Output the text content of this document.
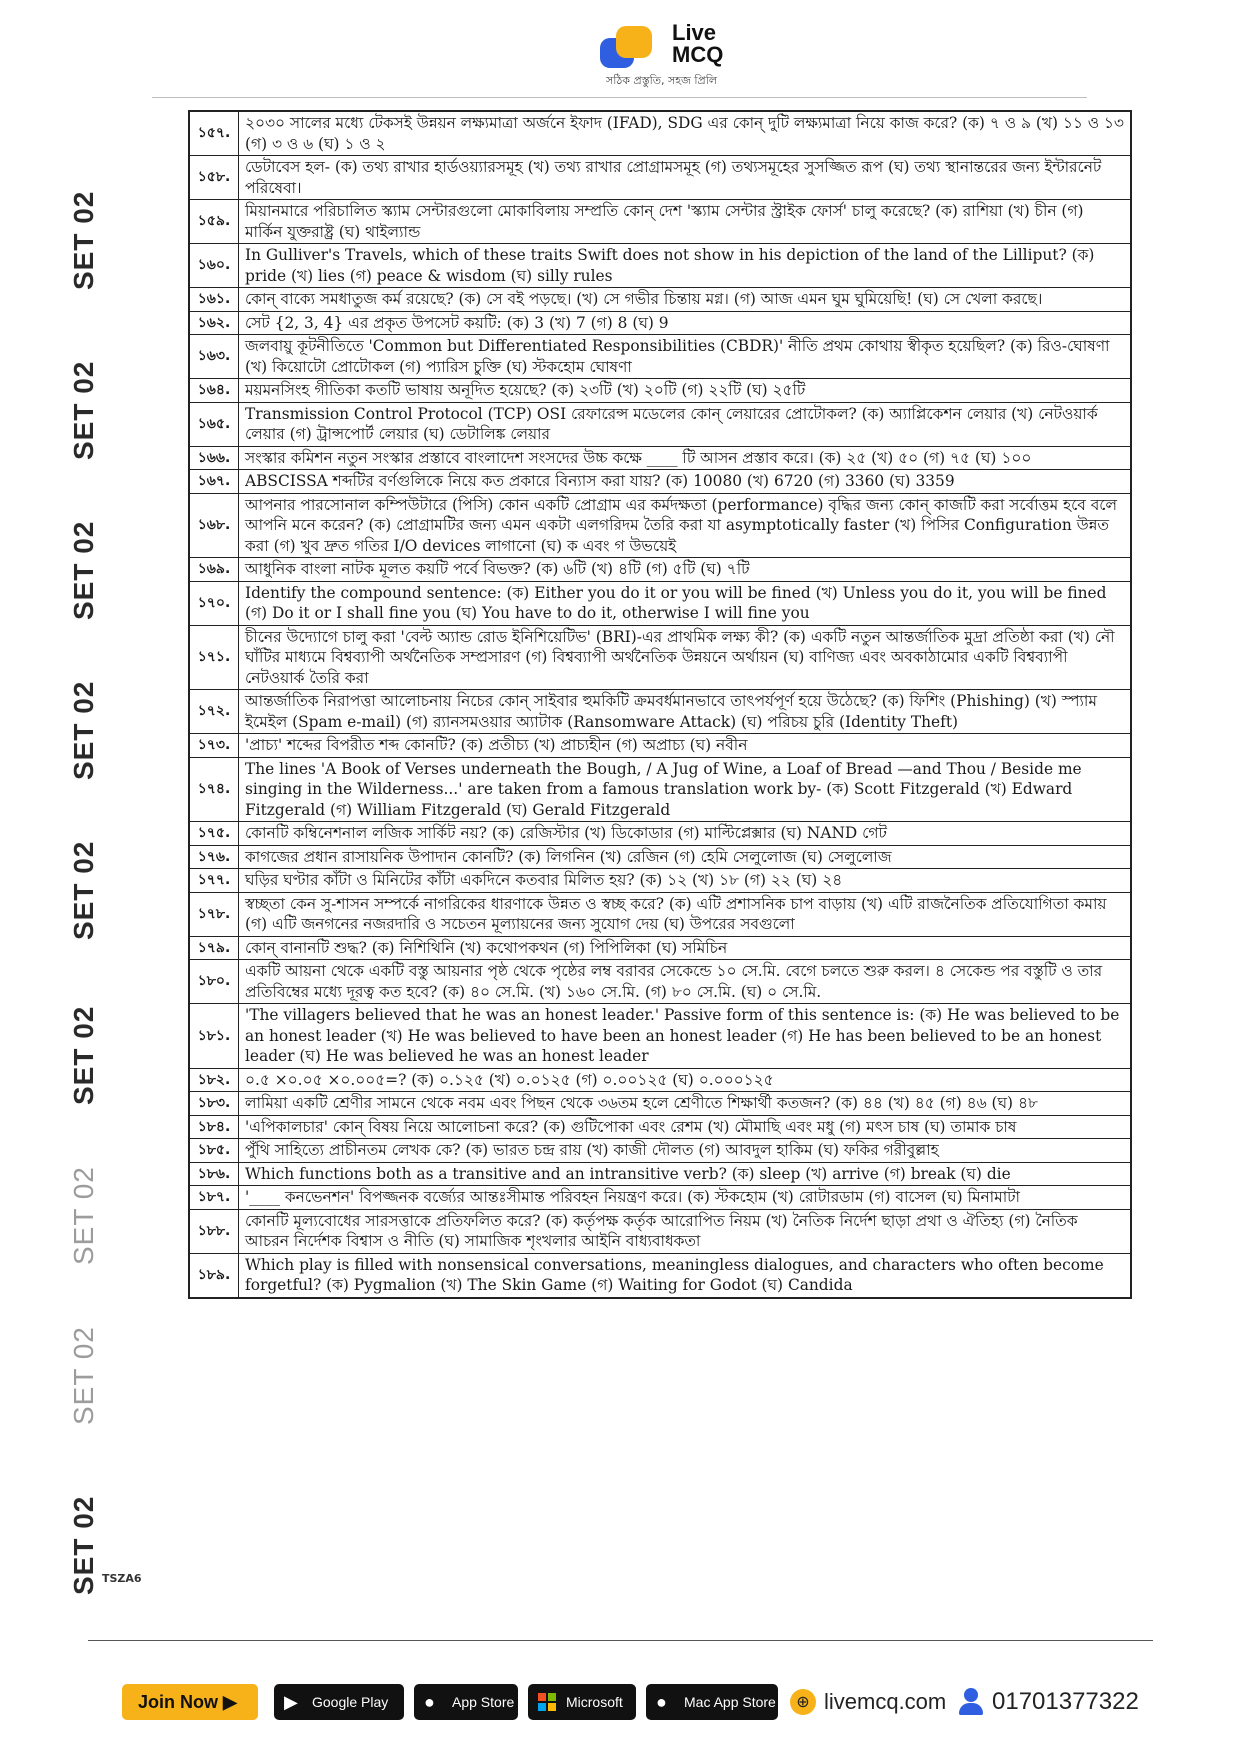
Live
MCQ
সঠিক প্রস্তুতি, সহজ প্রিলি
SET 02
SET 02
SET 02
SET 02
SET 02
SET 02
SET 02
SET 02
SET 02 TSZA6
১৫৭.	২০৩০ সালের মধ্যে টেকসই উন্নয়ন লক্ষ্যমাত্রা অর্জনে ইফাদ (IFAD), SDG এর কোন্ দুটি লক্ষ্যমাত্রা নিয়ে কাজ করে? (ক) ৭ ও ৯ (খ) ১১ ও ১৩ (গ) ৩ ও ৬ (ঘ) ১ ও ২
১৫৮.	ডেটাবেস হল- (ক) তথ্য রাখার হার্ডওয়্যারসমূহ (খ) তথ্য রাখার প্রোগ্রামসমূহ (গ) তথ্যসমূহের সুসজ্জিত রূপ (ঘ) তথ্য স্থানান্তরের জন্য ইন্টারনেট পরিষেবা।
১৫৯.	মিয়ানমারে পরিচালিত স্ক্যাম সেন্টারগুলো মোকাবিলায় সম্প্রতি কোন্ দেশ 'স্ক্যাম সেন্টার স্ট্রাইক ফোর্স' চালু করেছে? (ক) রাশিয়া (খ) চীন (গ) মার্কিন যুক্তরাষ্ট্র (ঘ) থাইল্যান্ড
১৬০.	In Gulliver's Travels, which of these traits Swift does not show in his depiction of the land of the Lilliput? (ক) pride (খ) lies (গ) peace & wisdom (ঘ) silly rules
১৬১.	কোন্ বাক্যে সমধাতুজ কর্ম রয়েছে? (ক) সে বই পড়ছে। (খ) সে গভীর চিন্তায় মগ্ন। (গ) আজ এমন ঘুম ঘুমিয়েছি! (ঘ) সে খেলা করছে।
১৬২.	সেট {2, 3, 4} এর প্রকৃত উপসেট কয়টি: (ক) 3 (খ) 7 (গ) 8 (ঘ) 9
১৬৩.	জলবায়ু কূটনীতিতে 'Common but Differentiated Responsibilities (CBDR)' নীতি প্রথম কোথায় স্বীকৃত হয়েছিল? (ক) রিও-ঘোষণা (খ) কিয়োটো প্রোটোকল (গ) প্যারিস চুক্তি (ঘ) স্টকহোম ঘোষণা
১৬৪.	ময়মনসিংহ গীতিকা কতটি ভাষায় অনূদিত হয়েছে? (ক) ২৩টি (খ) ২০টি (গ) ২২টি (ঘ) ২৫টি
১৬৫.	Transmission Control Protocol (TCP) OSI রেফারেন্স মডেলের কোন্ লেয়ারের প্রোটোকল? (ক) অ্যাপ্লিকেশন লেয়ার (খ) নেটওয়ার্ক লেয়ার (গ) ট্রান্সপোর্ট লেয়ার (ঘ) ডেটালিঙ্ক লেয়ার
১৬৬.	সংস্কার কমিশন নতুন সংস্কার প্রস্তাবে বাংলাদেশ সংসদের উচ্চ কক্ষে ____ টি আসন প্রস্তাব করে। (ক) ২৫ (খ) ৫০ (গ) ৭৫ (ঘ) ১০০
১৬৭.	ABSCISSA শব্দটির বর্ণগুলিকে নিয়ে কত প্রকারে বিন্যাস করা যায়? (ক) 10080 (খ) 6720 (গ) 3360 (ঘ) 3359
১৬৮.	আপনার পারসোনাল কম্পিউটারে (পিসি) কোন একটি প্রোগ্রাম এর কর্মদক্ষতা (performance) বৃদ্ধির জন্য কোন্ কাজটি করা সর্বোত্তম হবে বলে আপনি মনে করেন? (ক) প্রোগ্রামটির জন্য এমন একটা এলগরিদম তৈরি করা যা asymptotically faster (খ) পিসির Configuration উন্নত করা (গ) খুব দ্রুত গতির I/O devices লাগানো (ঘ) ক এবং গ উভয়েই
১৬৯.	আধুনিক বাংলা নাটক মূলত কয়টি পর্বে বিভক্ত? (ক) ৬টি (খ) ৪টি (গ) ৫টি (ঘ) ৭টি
১৭০.	Identify the compound sentence: (ক) Either you do it or you will be fined (খ) Unless you do it, you will be fined (গ) Do it or I shall fine you (ঘ) You have to do it, otherwise I will fine you
১৭১.	চীনের উদ্যোগে চালু করা 'বেল্ট অ্যান্ড রোড ইনিশিয়েটিভ' (BRI)-এর প্রাথমিক লক্ষ্য কী? (ক) একটি নতুন আন্তর্জাতিক মুদ্রা প্রতিষ্ঠা করা (খ) নৌ ঘাঁটির মাধ্যমে বিশ্বব্যাপী অর্থনৈতিক সম্প্রসারণ (গ) বিশ্বব্যাপী অর্থনৈতিক উন্নয়নে অর্থায়ন (ঘ) বাণিজ্য এবং অবকাঠামোর একটি বিশ্বব্যাপী নেটওয়ার্ক তৈরি করা
১৭২.	আন্তর্জাতিক নিরাপত্তা আলোচনায় নিচের কোন্ সাইবার হুমকিটি ক্রমবর্ধমানভাবে তাৎপর্যপূর্ণ হয়ে উঠেছে? (ক) ফিশিং (Phishing) (খ) স্প্যাম ইমেইল (Spam e-mail) (গ) র‍্যানসমওয়ার অ্যাটাক (Ransomware Attack) (ঘ) পরিচয় চুরি (Identity Theft)
১৭৩.	'প্রাচ্য' শব্দের বিপরীত শব্দ কোনটি? (ক) প্রতীচ্য (খ) প্রাচ্যহীন (গ) অপ্রাচ্য (ঘ) নবীন
১৭৪.	The lines 'A Book of Verses underneath the Bough, / A Jug of Wine, a Loaf of Bread —and Thou / Beside me singing in the Wilderness...' are taken from a famous translation work by- (ক) Scott Fitzgerald (খ) Edward Fitzgerald (গ) William Fitzgerald (ঘ) Gerald Fitzgerald
১৭৫.	কোনটি কম্বিনেশনাল লজিক সার্কিট নয়? (ক) রেজিস্টার (খ) ডিকোডার (গ) মাল্টিপ্লেক্সার (ঘ) NAND গেট
১৭৬.	কাগজের প্রধান রাসায়নিক উপাদান কোনটি? (ক) লিগনিন (খ) রেজিন (গ) হেমি সেলুলোজ (ঘ) সেলুলোজ
১৭৭.	ঘড়ির ঘণ্টার কাঁটা ও মিনিটের কাঁটা একদিনে কতবার মিলিত হয়? (ক) ১২ (খ) ১৮ (গ) ২২ (ঘ) ২৪
১৭৮.	স্বচ্ছতা কেন সু-শাসন সম্পর্কে নাগরিকের ধারণাকে উন্নত ও স্বচ্ছ করে? (ক) এটি প্রশাসনিক চাপ বাড়ায় (খ) এটি রাজনৈতিক প্রতিযোগিতা কমায় (গ) এটি জনগনের নজরদারি ও সচেতন মূল্যায়নের জন্য সুযোগ দেয় (ঘ) উপরের সবগুলো
১৭৯.	কোন্ বানানটি শুদ্ধ? (ক) নিশিথিনি (খ) কথোপকথন (গ) পিপিলিকা (ঘ) সমিচিন
১৮০.	একটি আয়না থেকে একটি বস্তু আয়নার পৃষ্ঠ থেকে পৃষ্ঠের লম্ব বরাবর সেকেন্ডে ১০ সে.মি. বেগে চলতে শুরু করল। ৪ সেকেন্ড পর বস্তুটি ও তার প্রতিবিম্বের মধ্যে দূরত্ব কত হবে? (ক) ৪০ সে.মি. (খ) ১৬০ সে.মি. (গ) ৮০ সে.মি. (ঘ) ০ সে.মি.
১৮১.	'The villagers believed that he was an honest leader.' Passive form of this sentence is: (ক) He was believed to be an honest leader (খ) He was believed to have been an honest leader (গ) He has been believed to be an honest leader (ঘ) He was believed he was an honest leader
১৮২.	০.৫ ×০.০৫ ×০.০০৫=? (ক) ০.১২৫ (খ) ০.০১২৫ (গ) ০.০০১২৫ (ঘ) ০.০০০১২৫
১৮৩.	লামিয়া একটি শ্রেণীর সামনে থেকে নবম এবং পিছন থেকে ৩৬তম হলে শ্রেণীতে শিক্ষার্থী কতজন? (ক) ৪৪ (খ) ৪৫ (গ) ৪৬ (ঘ) ৪৮
১৮৪.	'এপিকালচার' কোন্ বিষয় নিয়ে আলোচনা করে? (ক) গুটিপোকা এবং রেশম (খ) মৌমাছি এবং মধু (গ) মৎস চাষ (ঘ) তামাক চাষ
১৮৫.	পুঁথি সাহিত্যে প্রাচীনতম লেখক কে? (ক) ভারত চন্দ্র রায় (খ) কাজী দৌলত (গ) আবদুল হাকিম (ঘ) ফকির গরীবুল্লাহ
১৮৬.	Which functions both as a transitive and an intransitive verb? (ক) sleep (খ) arrive (গ) break (ঘ) die
১৮৭.	'____ কনভেনশন' বিপজ্জনক বর্জ্যের আন্তঃসীমান্ত পরিবহন নিয়ন্ত্রণ করে। (ক) স্টকহোম (খ) রোটারডাম (গ) বাসেল (ঘ) মিনামাটা
১৮৮.	কোনটি মূল্যবোধের সারসত্তাকে প্রতিফলিত করে? (ক) কর্তৃপক্ষ কর্তৃক আরোপিত নিয়ম (খ) নৈতিক নির্দেশ ছাড়া প্রথা ও ঐতিহ্য (গ) নৈতিক আচরন নির্দেশক বিশ্বাস ও নীতি (ঘ) সামাজিক শৃংখলার আইনি বাধ্যবাধকতা
১৮৯.	Which play is filled with nonsensical conversations, meaningless dialogues, and characters who often become forgetful? (ক) Pygmalion (খ) The Skin Game (গ) Waiting for Godot (ঘ) Candida
Join Now ▶	▶ Google Play	● App Store	Microsoft	● Mac App Store	⊕ livemcq.com 01701377322
